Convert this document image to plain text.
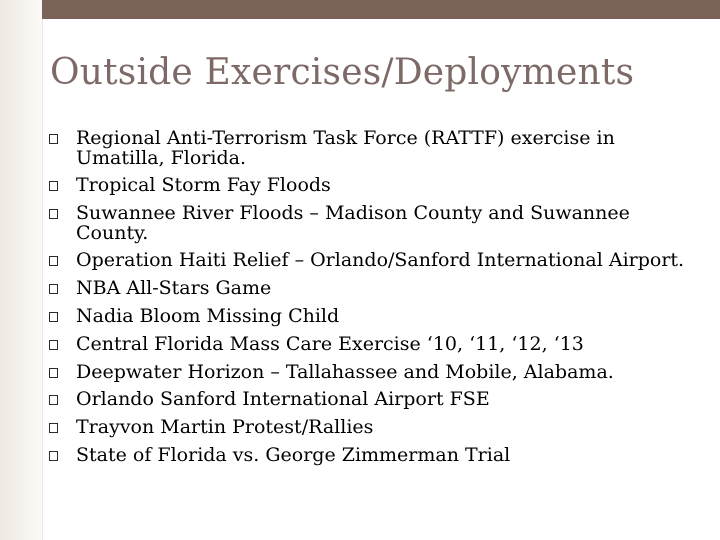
Outside Exercises/Deployments
Regional Anti-Terrorism Task Force (RATTF) exercise in Umatilla, Florida.
Tropical Storm Fay Floods
Suwannee River Floods – Madison County and Suwannee County.
Operation Haiti Relief – Orlando/Sanford International Airport.
NBA All-Stars Game
Nadia Bloom Missing Child
Central Florida Mass Care Exercise ‘10, ‘11, ‘12, ‘13
Deepwater Horizon – Tallahassee and Mobile, Alabama.
Orlando Sanford International Airport FSE
Trayvon Martin Protest/Rallies
State of Florida vs. George Zimmerman Trial
